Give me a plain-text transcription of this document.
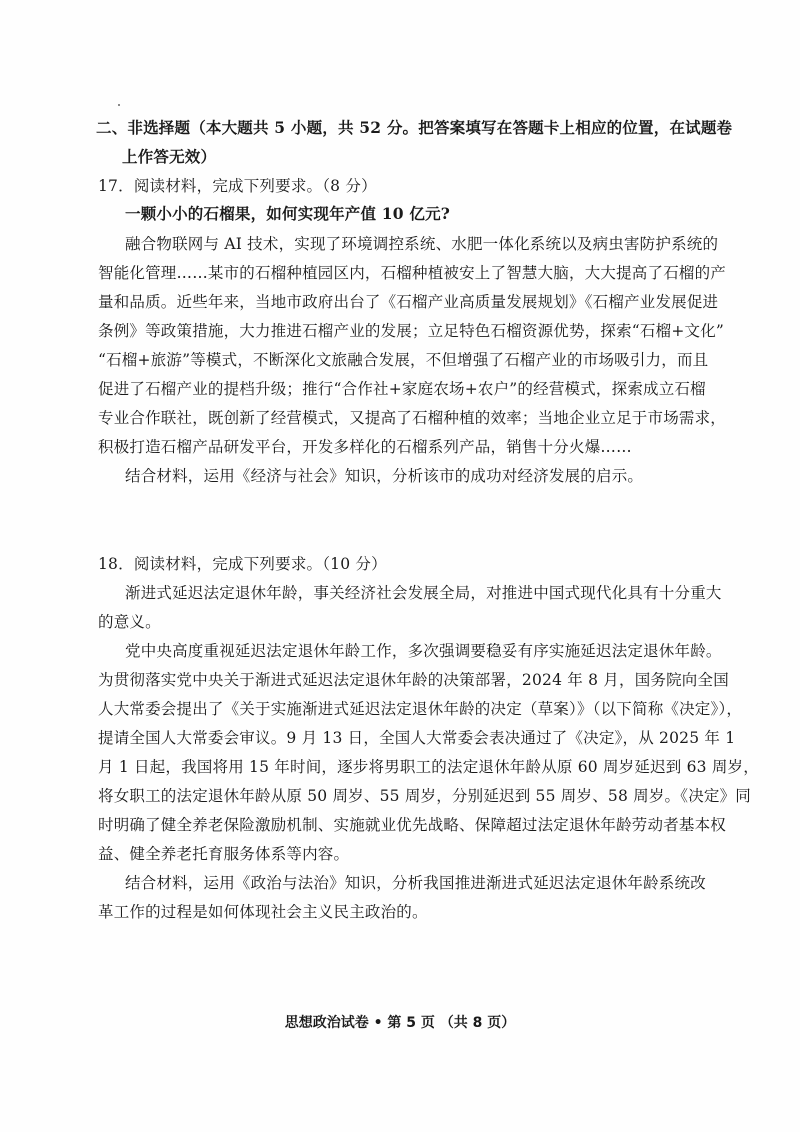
二、非选择题（本大题共 5 小题，共 52 分。把答案填写在答题卡上相应的位置，在试题卷
上作答无效）
17．阅读材料，完成下列要求。（8 分）
一颗小小的石榴果，如何实现年产值 10 亿元?
融合物联网与 AI 技术，实现了环境调控系统、水肥一体化系统以及病虫害防护系统的
智能化管理……某市的石榴种植园区内，石榴种植被安上了智慧大脑，大大提高了石榴的产
量和品质。近些年来，当地市政府出台了《石榴产业高质量发展规划》《石榴产业发展促进
条例》等政策措施，大力推进石榴产业的发展；立足特色石榴资源优势，探索“石榴+文化”
“石榴+旅游”等模式，不断深化文旅融合发展，不但增强了石榴产业的市场吸引力，而且
促进了石榴产业的提档升级；推行“合作社+家庭农场+农户”的经营模式，探索成立石榴
专业合作联社，既创新了经营模式，又提高了石榴种植的效率；当地企业立足于市场需求，
积极打造石榴产品研发平台，开发多样化的石榴系列产品，销售十分火爆……
结合材料，运用《经济与社会》知识，分析该市的成功对经济发展的启示。
18．阅读材料，完成下列要求。（10 分）
渐进式延迟法定退休年龄，事关经济社会发展全局，对推进中国式现代化具有十分重大
的意义。
党中央高度重视延迟法定退休年龄工作，多次强调要稳妥有序实施延迟法定退休年龄。
为贯彻落实党中央关于渐进式延迟法定退休年龄的决策部署，2024 年 8 月，国务院向全国
人大常委会提出了《关于实施渐进式延迟法定退休年龄的决定（草案）》（以下简称《决定》），
提请全国人大常委会审议。9 月 13 日，全国人大常委会表决通过了《决定》，从 2025 年 1
月 1 日起，我国将用 15 年时间，逐步将男职工的法定退休年龄从原 60 周岁延迟到 63 周岁，
将女职工的法定退休年龄从原 50 周岁、55 周岁，分别延迟到 55 周岁、58 周岁。《决定》同
时明确了健全养老保险激励机制、实施就业优先战略、保障超过法定退休年龄劳动者基本权
益、健全养老托育服务体系等内容。
结合材料，运用《政治与法治》知识，分析我国推进渐进式延迟法定退休年龄系统改
革工作的过程是如何体现社会主义民主政治的。
思想政治试卷 • 第 5 页 （共 8 页）
